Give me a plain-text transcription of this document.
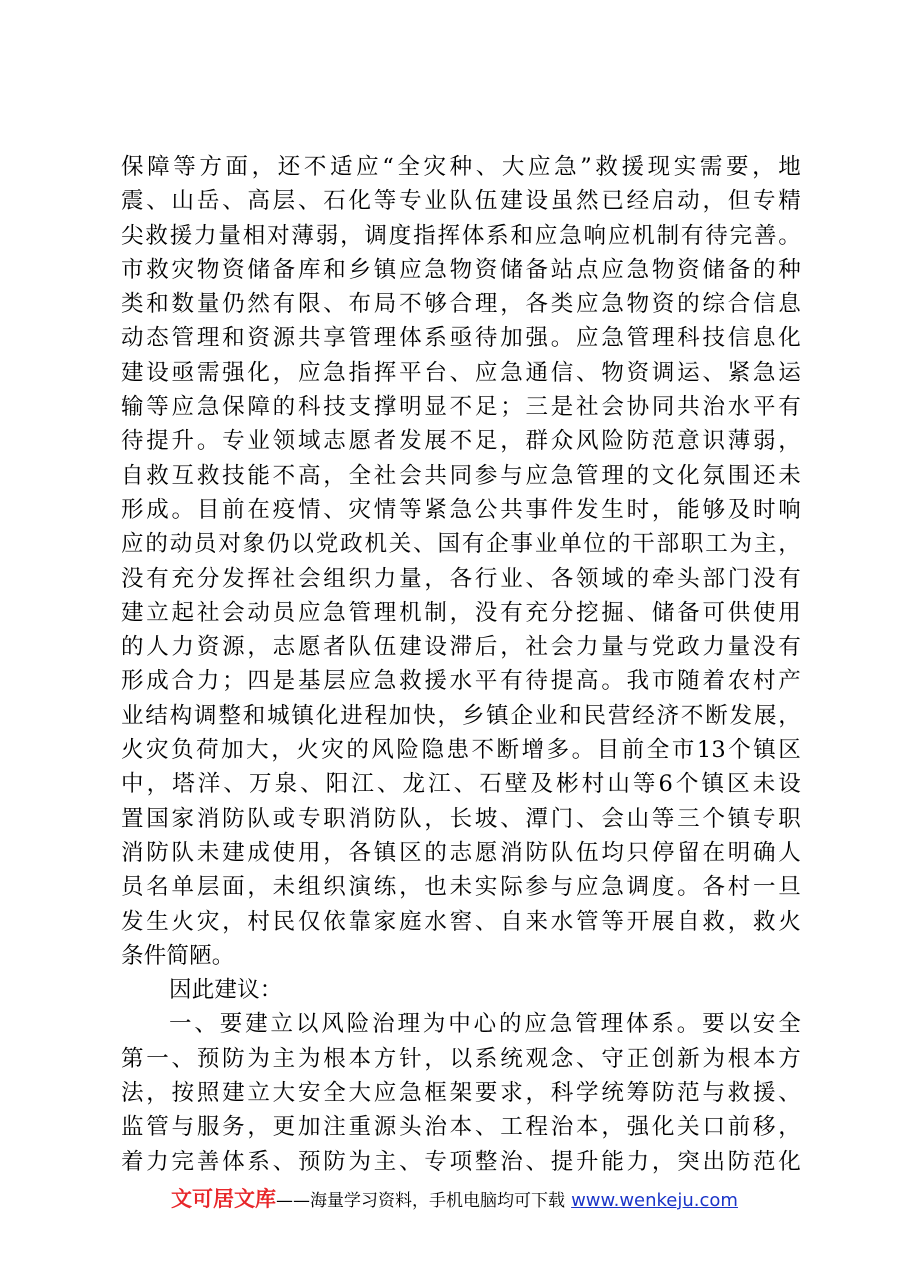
保障等方面，还不适应“全灾种、大应急”救援现实需要，地
震、山岳、高层、石化等专业队伍建设虽然已经启动，但专精
尖救援力量相对薄弱，调度指挥体系和应急响应机制有待完善。
市救灾物资储备库和乡镇应急物资储备站点应急物资储备的种
类和数量仍然有限、布局不够合理，各类应急物资的综合信息
动态管理和资源共享管理体系亟待加强。应急管理科技信息化
建设亟需强化，应急指挥平台、应急通信、物资调运、紧急运
输等应急保障的科技支撑明显不足；三是社会协同共治水平有
待提升。专业领域志愿者发展不足，群众风险防范意识薄弱，
自救互救技能不高，全社会共同参与应急管理的文化氛围还未
形成。目前在疫情、灾情等紧急公共事件发生时，能够及时响
应的动员对象仍以党政机关、国有企事业单位的干部职工为主，
没有充分发挥社会组织力量，各行业、各领域的牵头部门没有
建立起社会动员应急管理机制，没有充分挖掘、储备可供使用
的人力资源，志愿者队伍建设滞后，社会力量与党政力量没有
形成合力；四是基层应急救援水平有待提高。我市随着农村产
业结构调整和城镇化进程加快，乡镇企业和民营经济不断发展，
火灾负荷加大，火灾的风险隐患不断增多。目前全市13个镇区
中，塔洋、万泉、阳江、龙江、石壁及彬村山等6个镇区未设
置国家消防队或专职消防队，长坡、潭门、会山等三个镇专职
消防队未建成使用，各镇区的志愿消防队伍均只停留在明确人
员名单层面，未组织演练，也未实际参与应急调度。各村一旦
发生火灾，村民仅依靠家庭水窖、自来水管等开展自救，救火
条件简陋。
因此建议：
一、要建立以风险治理为中心的应急管理体系。要以安全
第一、预防为主为根本方针，以系统观念、守正创新为根本方
法，按照建立大安全大应急框架要求，科学统筹防范与救援、
监管与服务，更加注重源头治本、工程治本，强化关口前移，
着力完善体系、预防为主、专项整治、提升能力，突出防范化
文可居文库——海量学习资料，手机电脑均可下载 www.wenkeju.com
